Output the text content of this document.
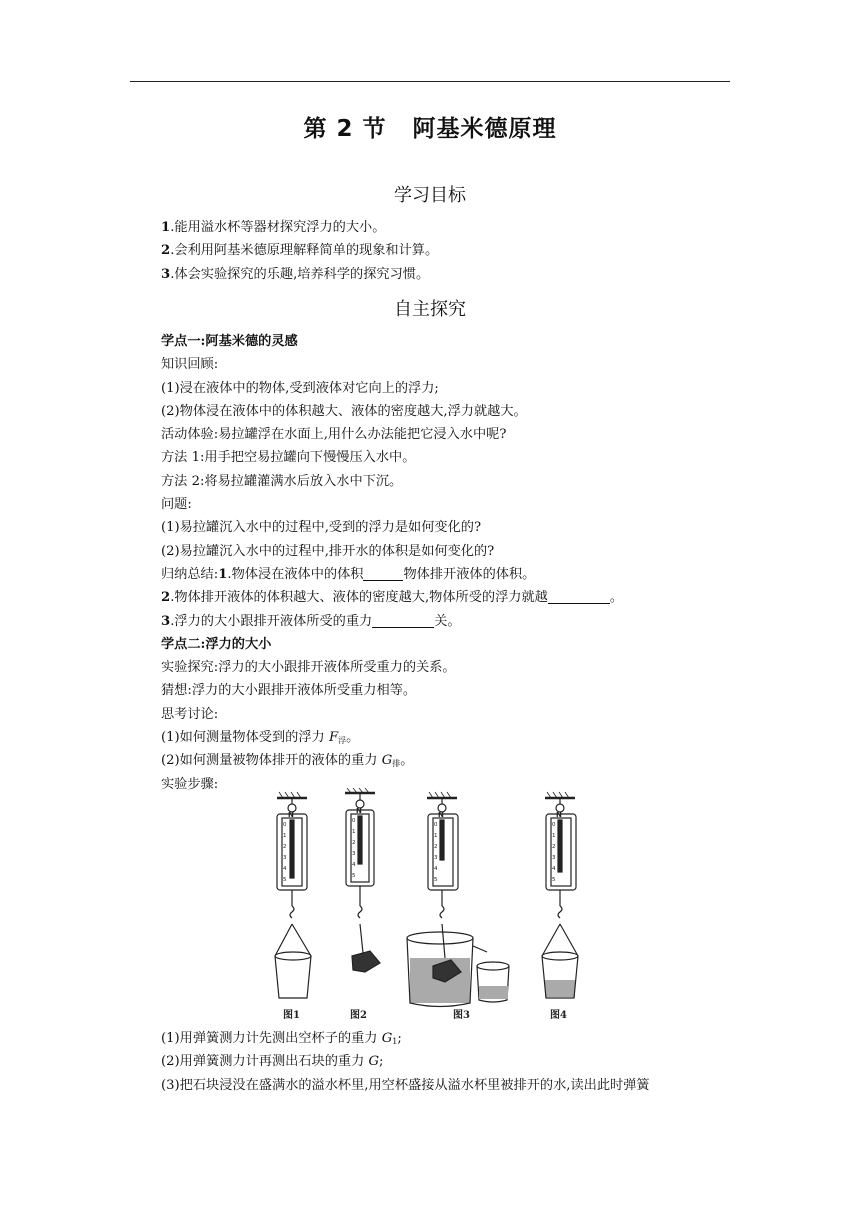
第 2 节 阿基米德原理
学习目标
1.能用溢水杯等器材探究浮力的大小。
2.会利用阿基米德原理解释简单的现象和计算。
3.体会实验探究的乐趣,培养科学的探究习惯。
自主探究
学点一:阿基米德的灵感
知识回顾:
(1)浸在液体中的物体,受到液体对它向上的浮力;
(2)物体浸在液体中的体积越大、液体的密度越大,浮力就越大。
活动体验:易拉罐浮在水面上,用什么办法能把它浸入水中呢?
方法 1:用手把空易拉罐向下慢慢压入水中。
方法 2:将易拉罐灌满水后放入水中下沉。
问题:
(1)易拉罐沉入水中的过程中,受到的浮力是如何变化的?
(2)易拉罐沉入水中的过程中,排开水的体积是如何变化的?
归纳总结:1.物体浸在液体中的体积	物体排开液体的体积。
2.物体排开液体的体积越大、液体的密度越大,物体所受的浮力就越	。
3.浮力的大小跟排开液体所受的重力	关。
学点二:浮力的大小
实验探究:浮力的大小跟排开液体所受重力的关系。
猜想:浮力的大小跟排开液体所受重力相等。
思考讨论:
(1)如何测量物体受到的浮力 $F_浮$。
(2)如何测量被物体排开的液体的重力 $G_排$。
实验步骤:
N	N	N	N
0
1
2
3
4
5
0
1
2
3
4
5
0
1
2
3
4
5
0
1
2
3
4
5
图1	图2	图3	图4
(1)用弹簧测力计先测出空杯子的重力 $G_1$;
(2)用弹簧测力计再测出石块的重力 G;
(3)把石块浸没在盛满水的溢水杯里,用空杯盛接从溢水杯里被排开的水,读出此时弹簧
